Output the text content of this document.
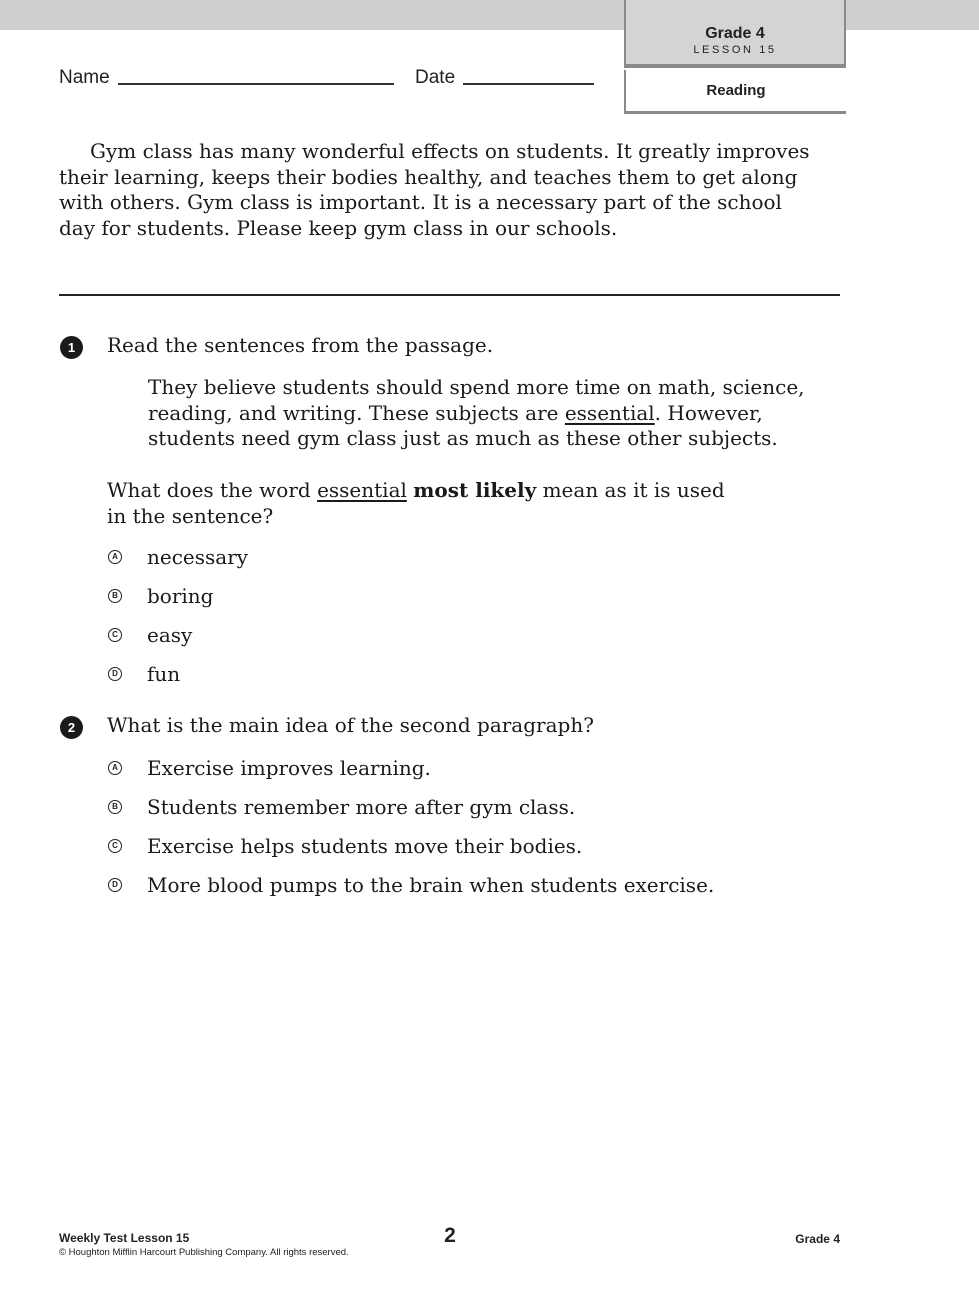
Grade 4
LESSON 15
Reading
Name	Date

Gym class has many wonderful effects on students. It greatly improves their learning, keeps their bodies healthy, and teaches them to get along with others. Gym class is important. It is a necessary part of the school day for students. Please keep gym class in our schools.

1	Read the sentences from the passage.
They believe students should spend more time on math, science, reading, and writing. These subjects are essential. However, students need gym class just as much as these other subjects.
What does the word essential most likely mean as it is used in the sentence?
A necessary
B boring
C easy
D fun
2	What is the main idea of the second paragraph?
A Exercise improves learning.
B Students remember more after gym class.
C Exercise helps students move their bodies.
D More blood pumps to the brain when students exercise.
Weekly Test Lesson 15
© Houghton Mifflin Harcourt Publishing Company. All rights reserved.
2	Grade 4
